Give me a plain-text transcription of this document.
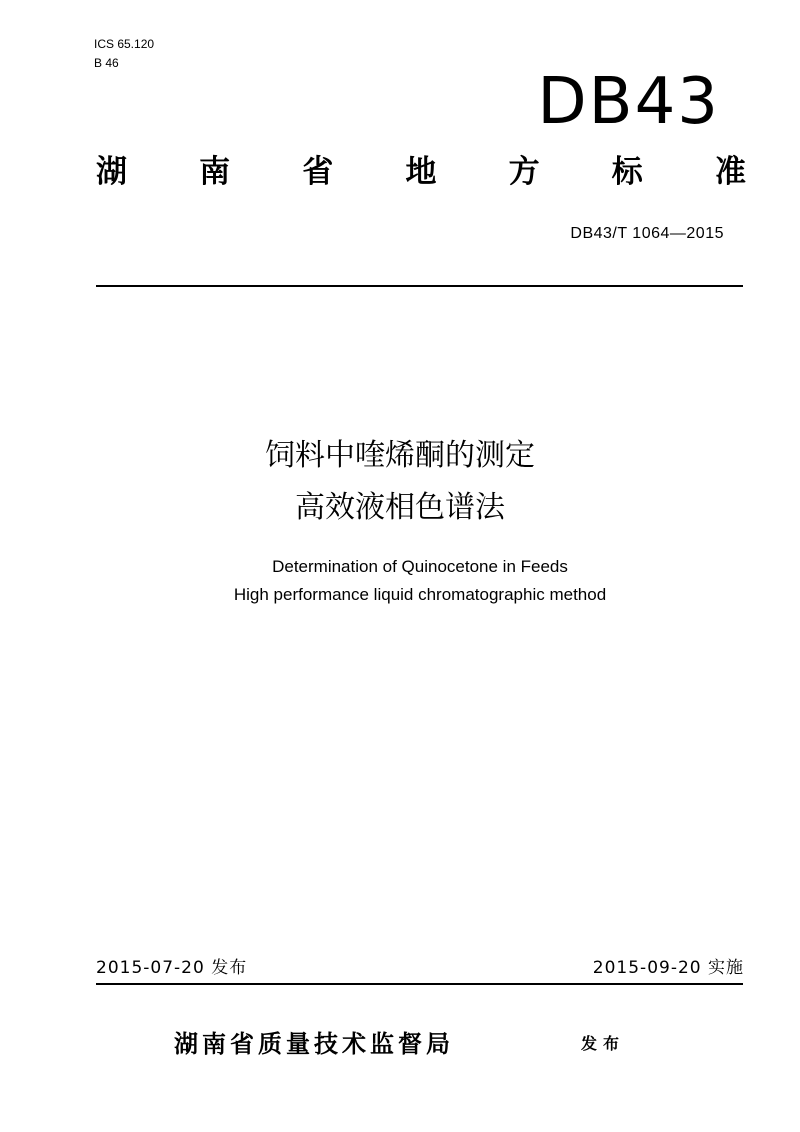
ICS 65.120
B 46
DB43
湖 南 省 地 方 标 准
DB43/T 1064—2015
饲料中喹烯酮的测定
高效液相色谱法
Determination of Quinocetone in Feeds
High performance liquid chromatographic method
2015-07-20 发布	2015-09-20 实施
湖南省质量技术监督局	发布
